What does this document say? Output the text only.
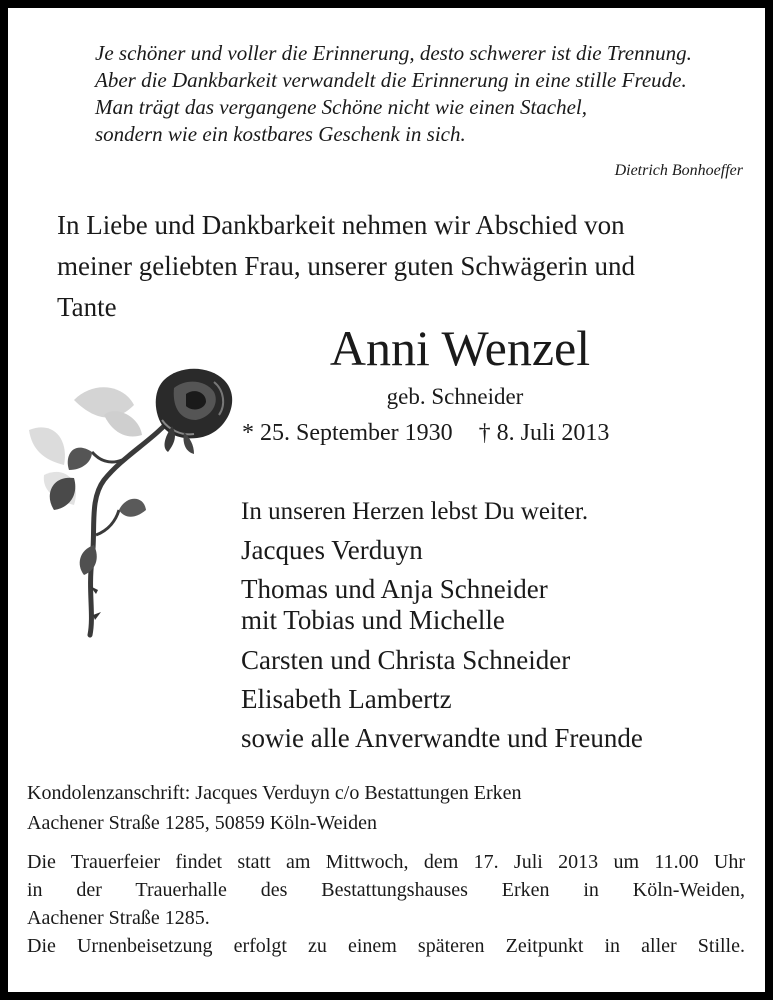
Je schöner und voller die Erinnerung, desto schwerer ist die Trennung.
Aber die Dankbarkeit verwandelt die Erinnerung in eine stille Freude.
Man trägt das vergangene Schöne nicht wie einen Stachel,
sondern wie ein kostbares Geschenk in sich.
Dietrich Bonhoeffer
In Liebe und Dankbarkeit nehmen wir Abschied von
meiner geliebten Frau, unserer guten Schwägerin und
Tante
Anni Wenzel
geb. Schneider
* 25. September 1930 † 8. Juli 2013
In unseren Herzen lebst Du weiter.
Jacques Verduyn
Thomas und Anja Schneider
mit Tobias und Michelle
Carsten und Christa Schneider
Elisabeth Lambertz
sowie alle Anverwandte und Freunde
Kondolenzanschrift: Jacques Verduyn c/o Bestattungen Erken
Aachener Straße 1285, 50859 Köln-Weiden
Die Trauerfeier findet statt am Mittwoch, dem 17. Juli 2013 um 11.00 Uhr
in der Trauerhalle des Bestattungshauses Erken in Köln-Weiden,
Aachener Straße 1285.
Die Urnenbeisetzung erfolgt zu einem späteren Zeitpunkt in aller Stille.
